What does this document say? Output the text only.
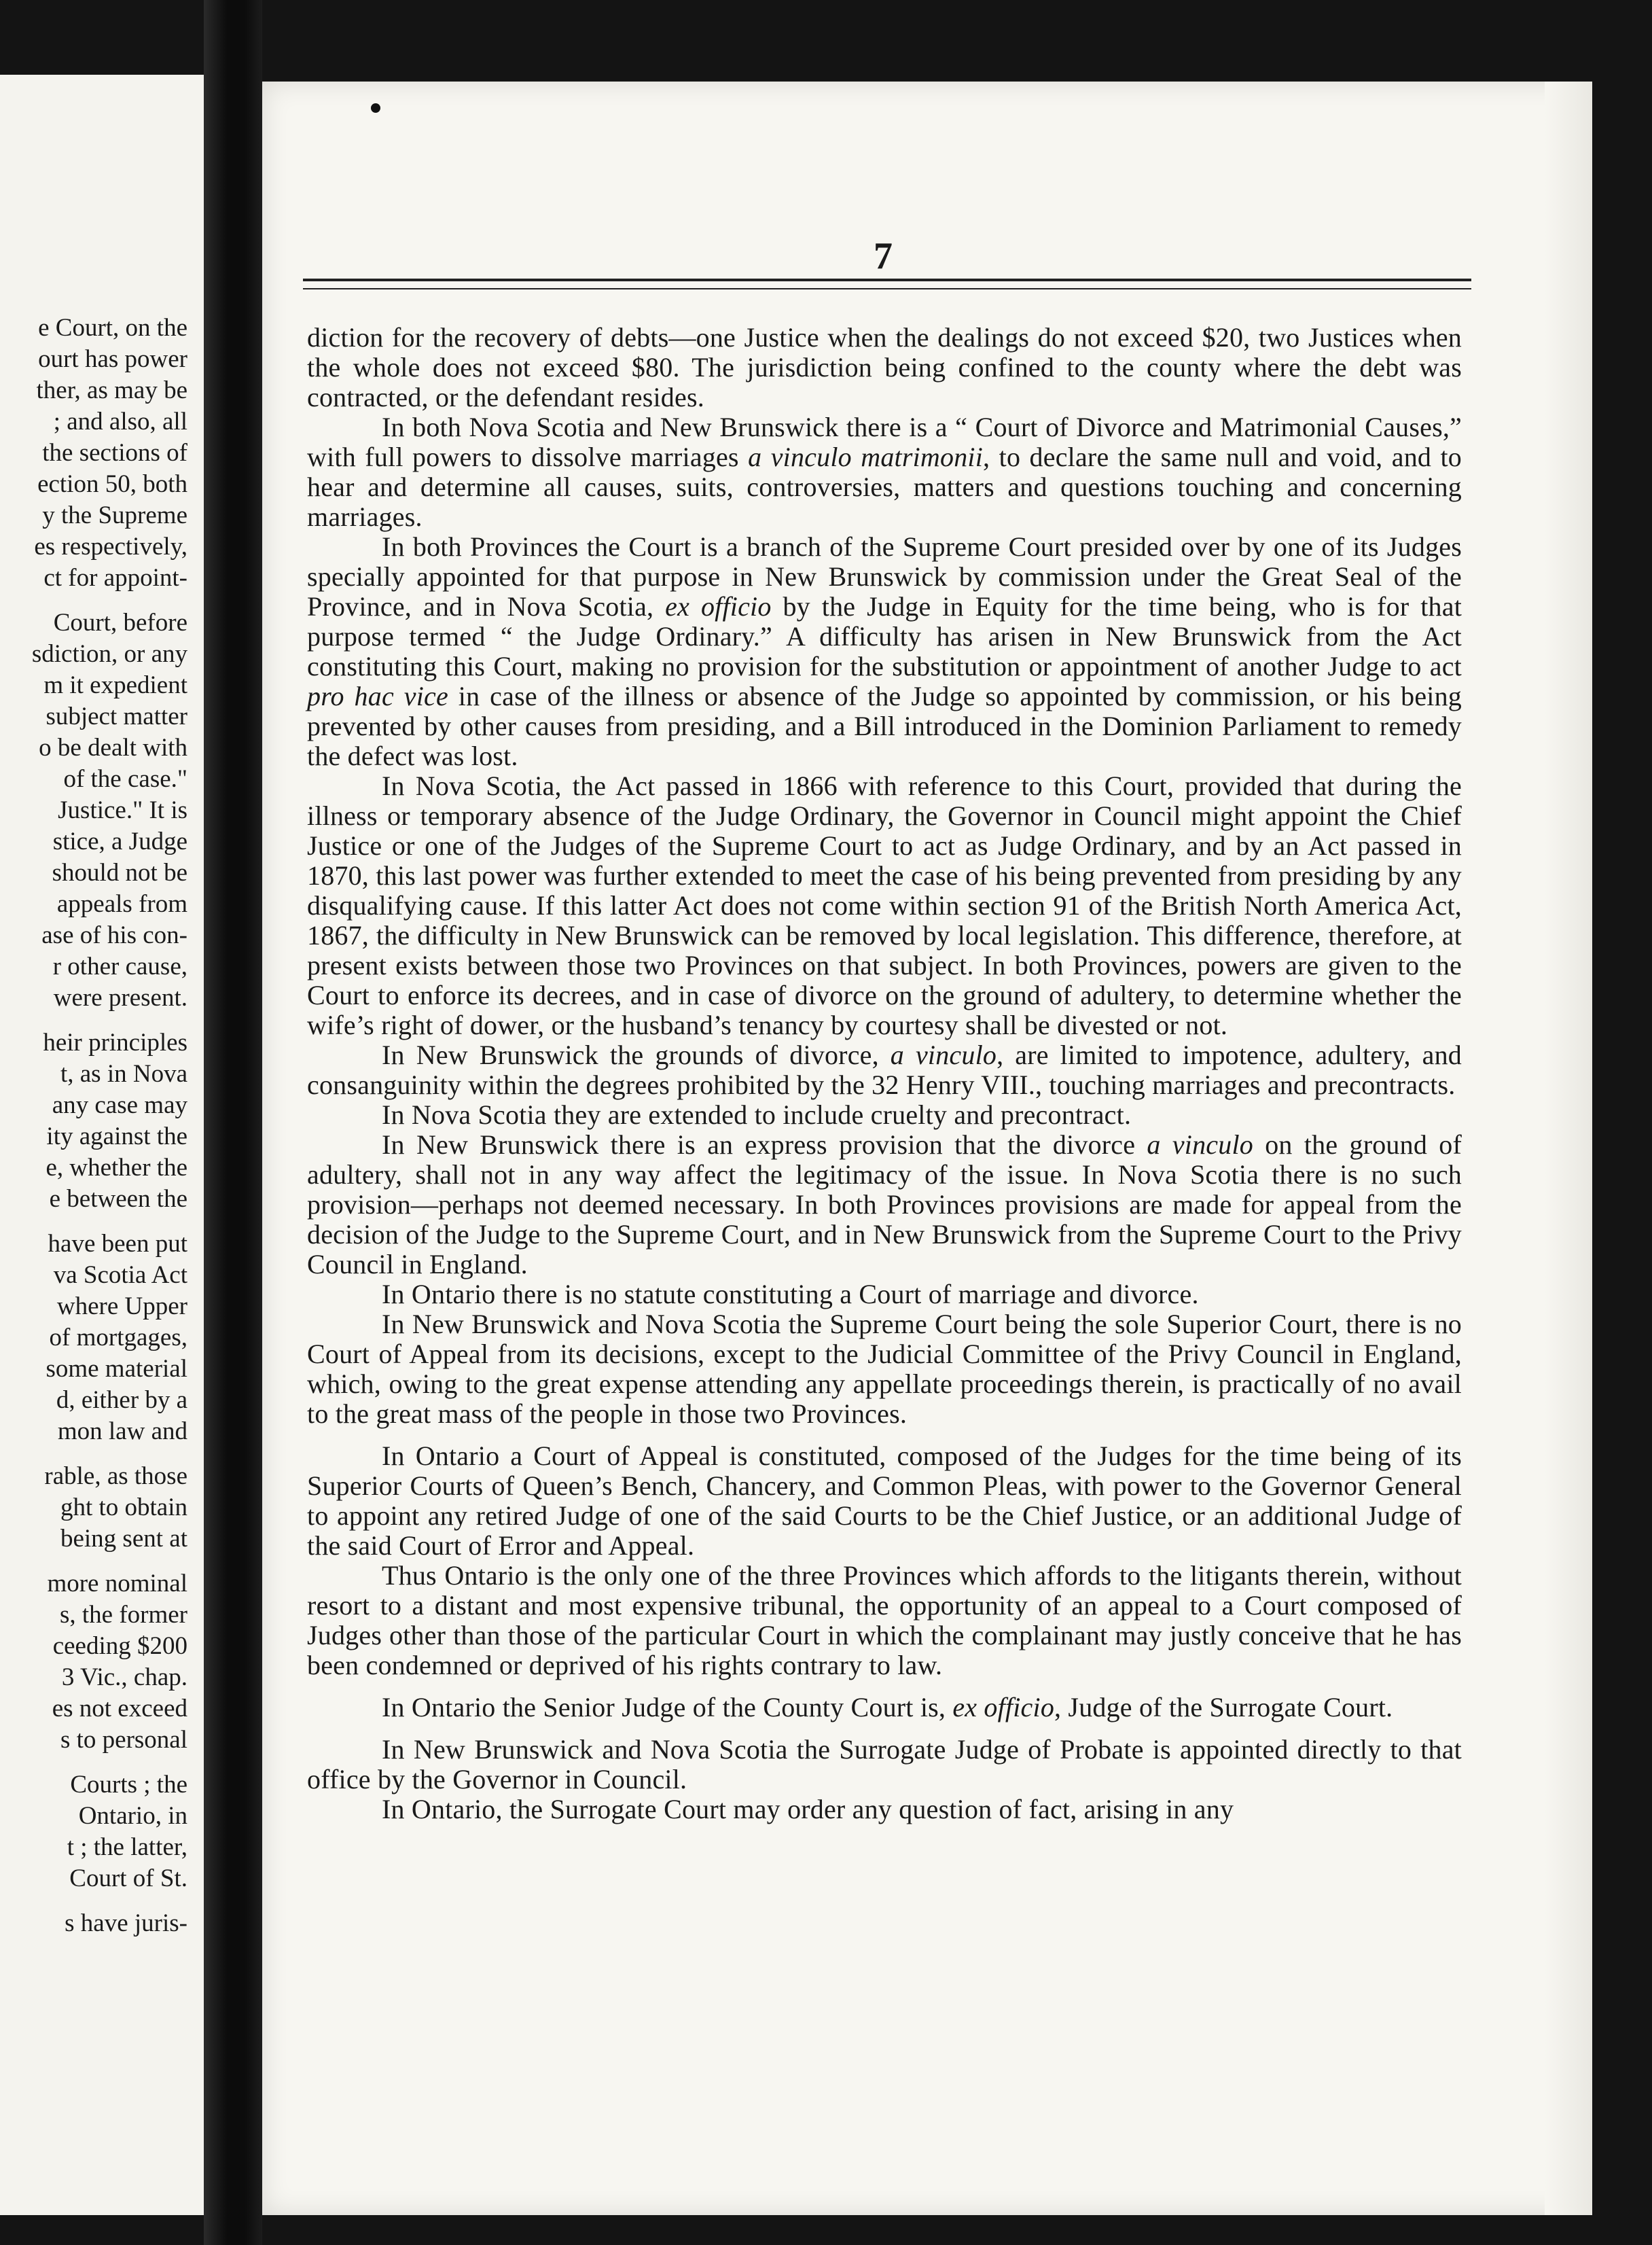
e Court, on the
ourt has power
ther, as may be
; and also, all
the sections of
ection 50, both
y the Supreme
es respectively,
ct for appoint-
Court, before
sdiction, or any
m it expedient
subject matter
o be dealt with
of the case."
Justice." It is
stice, a Judge
should not be
appeals from
ase of his con-
r other cause,
were present.
heir principles
t, as in Nova
any case may
ity against the
e, whether the
e between the
have been put
va Scotia Act
where Upper
of mortgages,
some material
d, either by a
mon law and
rable, as those
ght to obtain
being sent at
more nominal
s, the former
ceeding $200
3 Vic., chap.
es not exceed
s to personal
Courts ; the
Ontario, in
t ; the latter,
Court of St.
s have juris-
7

diction for the recovery of debts—one Justice when the dealings do not exceed $20, two Justices when the whole does not exceed $80. The jurisdiction being confined to the county where the debt was contracted, or the defendant resides.

In both Nova Scotia and New Brunswick there is a “ Court of Divorce and Matrimonial Causes,” with full powers to dissolve marriages a vinculo matrimonii, to declare the same null and void, and to hear and determine all causes, suits, controversies, matters and questions touching and concerning marriages.

In both Provinces the Court is a branch of the Supreme Court presided over by one of its Judges specially appointed for that purpose in New Brunswick by commission under the Great Seal of the Province, and in Nova Scotia, ex officio by the Judge in Equity for the time being, who is for that purpose termed “ the Judge Ordinary.” A difficulty has arisen in New Brunswick from the Act constituting this Court, making no provision for the substitution or appointment of another Judge to act pro hac vice in case of the illness or absence of the Judge so appointed by commission, or his being prevented by other causes from presiding, and a Bill introduced in the Dominion Parliament to remedy the defect was lost.

In Nova Scotia, the Act passed in 1866 with reference to this Court, provided that during the illness or temporary absence of the Judge Ordinary, the Governor in Council might appoint the Chief Justice or one of the Judges of the Supreme Court to act as Judge Ordinary, and by an Act passed in 1870, this last power was further extended to meet the case of his being prevented from presiding by any disqualifying cause. If this latter Act does not come within section 91 of the British North America Act, 1867, the difficulty in New Brunswick can be removed by local legislation. This difference, therefore, at present exists between those two Provinces on that subject. In both Provinces, powers are given to the Court to enforce its decrees, and in case of divorce on the ground of adultery, to determine whether the wife’s right of dower, or the husband’s tenancy by courtesy shall be divested or not.

In New Brunswick the grounds of divorce, a vinculo, are limited to impotence, adultery, and consanguinity within the degrees prohibited by the 32 Henry VIII., touching marriages and precontracts.

In Nova Scotia they are extended to include cruelty and precontract.

In New Brunswick there is an express provision that the divorce a vinculo on the ground of adultery, shall not in any way affect the legitimacy of the issue. In Nova Scotia there is no such provision—perhaps not deemed necessary. In both Provinces provisions are made for appeal from the decision of the Judge to the Supreme Court, and in New Brunswick from the Supreme Court to the Privy Council in England.

In Ontario there is no statute constituting a Court of marriage and divorce.

In New Brunswick and Nova Scotia the Supreme Court being the sole Superior Court, there is no Court of Appeal from its decisions, except to the Judicial Committee of the Privy Council in England, which, owing to the great expense attending any appellate proceedings therein, is practically of no avail to the great mass of the people in those two Provinces.

In Ontario a Court of Appeal is constituted, composed of the Judges for the time being of its Superior Courts of Queen’s Bench, Chancery, and Common Pleas, with power to the Governor General to appoint any retired Judge of one of the said Courts to be the Chief Justice, or an additional Judge of the said Court of Error and Appeal.

Thus Ontario is the only one of the three Provinces which affords to the litigants therein, without resort to a distant and most expensive tribunal, the opportunity of an appeal to a Court composed of Judges other than those of the particular Court in which the complainant may justly conceive that he has been condemned or deprived of his rights contrary to law.

In Ontario the Senior Judge of the County Court is, ex officio, Judge of the Surrogate Court.

In New Brunswick and Nova Scotia the Surrogate Judge of Probate is appointed directly to that office by the Governor in Council.

In Ontario, the Surrogate Court may order any question of fact, arising in any
